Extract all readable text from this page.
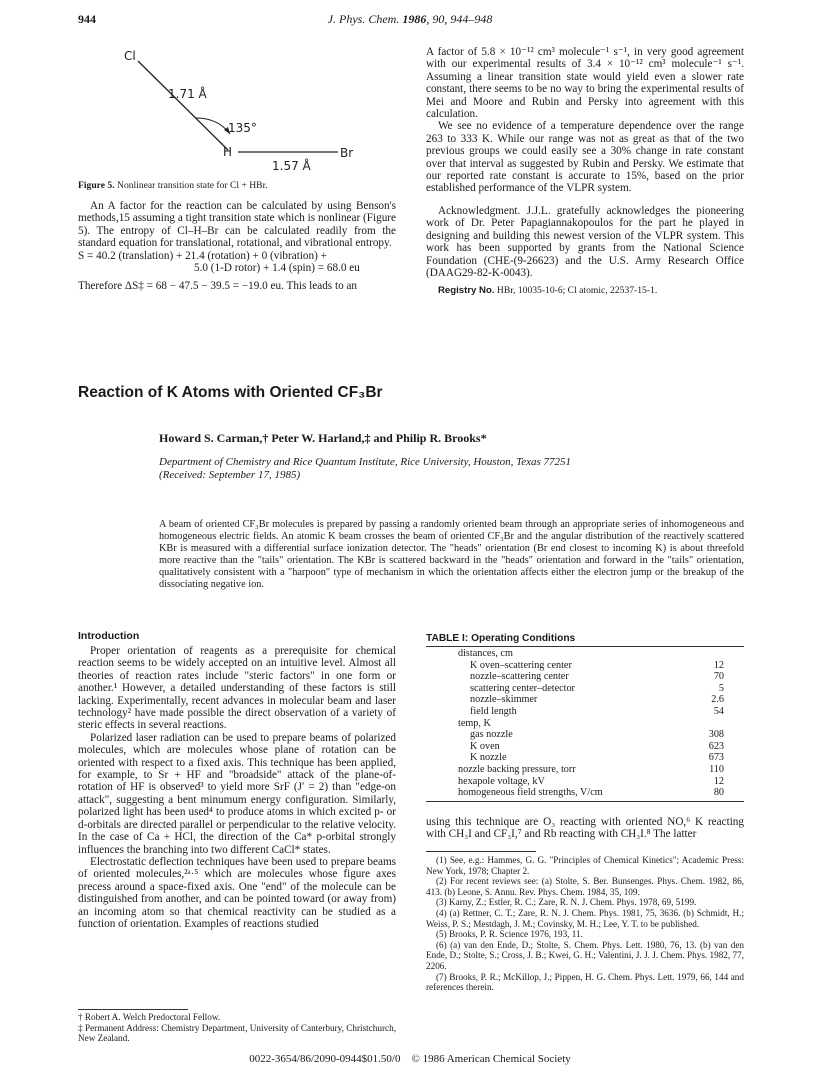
944	J. Phys. Chem. 1986, 90, 944–948
Cl
H	Br
1.71 Å
1.57 Å
135°
Figure 5. Nonlinear transition state for Cl + HBr.

An A factor for the reaction can be calculated by using Benson's methods,15 assuming a tight transition state which is nonlinear (Figure 5). The entropy of Cl–H–Br can be calculated readily from the standard equation for translational, rotational, and vibrational entropy.

S = 40.2 (translation) + 21.4 (rotation) + 0 (vibration) +
5.0 (1-D rotor) + 1.4 (spin) = 68.0 eu

Therefore ΔS‡ = 68 − 47.5 − 39.5 = −19.0 eu. This leads to an

A factor of 5.8 × 10⁻¹² cm³ molecule⁻¹ s⁻¹, in very good agreement with our experimental results of 3.4 × 10⁻¹² cm³ molecule⁻¹ s⁻¹. Assuming a linear transition state would yield even a slower rate constant, there seems to be no way to bring the experimental results of Mei and Moore and Rubin and Persky into agreement with this calculation.

We see no evidence of a temperature dependence over the range 263 to 333 K. While our range was not as great as that of the two previous groups we could easily see a 30% change in rate constant over that interval as suggested by Rubin and Persky. We estimate that our reported rate constant is accurate to 15%, based on the prior established performance of the VLPR system.

Acknowledgment. J.J.L. gratefully acknowledges the pioneering work of Dr. Peter Papagiannakopoulos for the part he played in designing and building this newest version of the VLPR system. This work has been supported by grants from the National Science Foundation (CHE-(9-26623) and the U.S. Army Research Office (DAAG29-82-K-0043).

Registry No. HBr, 10035-10-6; Cl atomic, 22537-15-1.
Reaction of K Atoms with Oriented CF₃Br
Howard S. Carman,† Peter W. Harland,‡ and Philip R. Brooks*
Department of Chemistry and Rice Quantum Institute, Rice University, Houston, Texas 77251
(Received: September 17, 1985)
A beam of oriented CF₃Br molecules is prepared by passing a randomly oriented beam through an appropriate series of inhomogeneous and homogeneous electric fields. An atomic K beam crosses the beam of oriented CF₃Br and the angular distribution of the reactively scattered KBr is measured with a differential surface ionization detector. The "heads" orientation (Br end closest to incoming K) is about threefold more reactive than the "tails" orientation. The KBr is scattered backward in the "heads" orientation and forward in the "tails" orientation, qualitatively consistent with a "harpoon" type of mechanism in which the orientation affects either the electron jump or the breakup of the dissociating negative ion.
Introduction

Proper orientation of reagents as a prerequisite for chemical reaction seems to be widely accepted on an intuitive level. Almost all theories of reaction rates include "steric factors" in one form or another.¹ However, a detailed understanding of these factors is still lacking. Experimentally, recent advances in molecular beam and laser technology² have made possible the direct observation of a variety of steric effects in several reactions.

Polarized laser radiation can be used to prepare beams of polarized molecules, which are molecules whose plane of rotation can be oriented with respect to a fixed axis. This technique has been applied, for example, to Sr + HF and "broadside" attack of the plane-of-rotation of HF is observed³ to yield more SrF (J′ = 2) than "edge-on attack", suggesting a bent minumum energy configuration. Similarly, polarized light has been used⁴ to produce atoms in which excited p- or d-orbitals are directed parallel or perpendicular to the relative velocity. In the case of Ca + HCl, the direction of the Ca* p-orbital strongly influences the branching into two different CaCl* states.

Electrostatic deflection techniques have been used to prepare beams of oriented molecules,²ᵃ·⁵ which are molecules whose figure axes precess around a space-fixed axis. One "end" of the molecule can be distinguished from another, and can be pointed toward (or away from) an incoming atom so that chemical reactivity can be studied as a function of orientation. Examples of reactions studied

† Robert A. Welch Predoctoral Fellow.
‡ Permanent Address: Chemistry Department, University of Canterbury, Christchurch, New Zealand.
TABLE I: Operating Conditions
distances, cm	
K oven–scattering center	12
nozzle–scattering center	70
scattering center–detector	5
nozzle–skimmer	2.6
field length	54
temp, K	
gas nozzle	308
K oven	623
K nozzle	673
nozzle backing pressure, torr	110
hexapole voltage, kV	12
homogeneous field strengths, V/cm	80

using this technique are O₃ reacting with oriented NO,⁶ K reacting with CH₃I and CF₃I,⁷ and Rb reacting with CH₃I.⁸ The latter

(1) See, e.g.: Hammes, G. G. "Principles of Chemical Kinetics"; Academic Press: New York, 1978; Chapter 2.
(2) For recent reviews see: (a) Stolte, S. Ber. Bunsenges. Phys. Chem. 1982, 86, 413. (b) Leone, S. Annu. Rev. Phys. Chem. 1984, 35, 109.
(3) Karny, Z.; Estler, R. C.; Zare, R. N. J. Chem. Phys. 1978, 69, 5199.
(4) (a) Rettner, C. T.; Zare, R. N. J. Chem. Phys. 1981, 75, 3636. (b) Schmidt, H.; Weiss, P. S.; Mestdagh, J. M.; Covinsky, M. H.; Lee, Y. T. to be published.
(5) Brooks, P. R. Science 1976, 193, 11.
(6) (a) van den Ende, D.; Stolte, S. Chem. Phys. Lett. 1980, 76, 13. (b) van den Ende, D.; Stolte, S.; Cross, J. B.; Kwei, G. H.; Valentini, J. J. J. Chem. Phys. 1982, 77, 2206.
(7) Brooks, P. R.; McKillop, J.; Pippen, H. G. Chem. Phys. Lett. 1979, 66, 144 and references therein.
0022-3654/86/2090-0944$01.50/0 © 1986 American Chemical Society
